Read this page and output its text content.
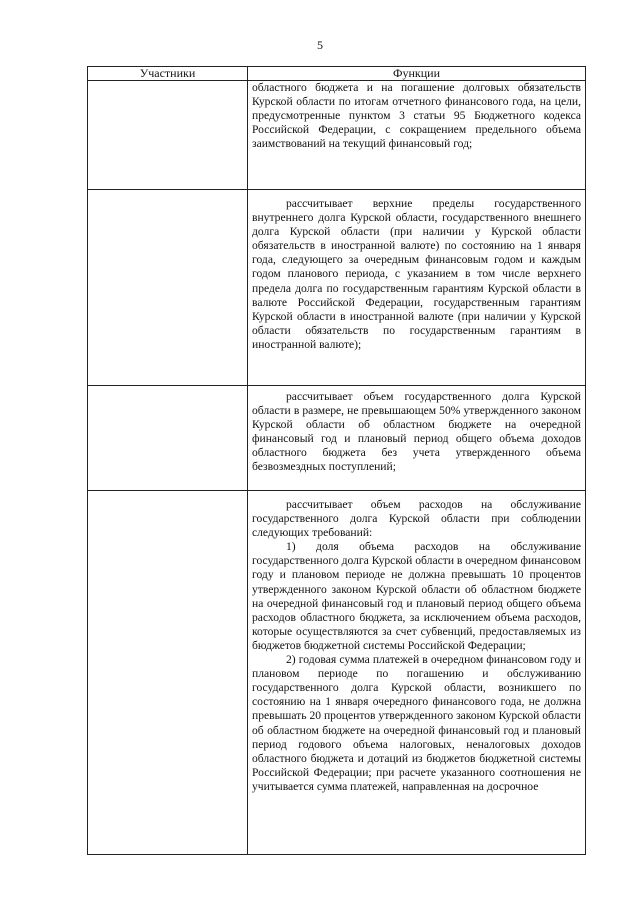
5
Участники	Функции

	областного бюджета и на погашение долговых обязательств Курской области по итогам отчетного финансового года, на цели, предусмотренные пунктом 3 статьи 95 Бюджетного кодекса Российской Федерации, с сокращением предельного объема заимствований на текущий финансовый год;

	рассчитывает верхние пределы государственного внутреннего долга Курской области, государственного внешнего долга Курской области (при наличии у Курской области обязательств в иностранной валюте) по состоянию на 1 января года, следующего за очередным финансовым годом и каждым годом планового периода, с указанием в том числе верхнего предела долга по государственным гарантиям Курской области в валюте Российской Федерации, государственным гарантиям Курской области в иностранной валюте (при наличии у Курской области обязательств по государственным гарантиям в иностранной валюте);

	рассчитывает объем государственного долга Курской области в размере, не превышающем 50% утвержденного законом Курской области об областном бюджете на очередной финансовый год и плановый период общего объема доходов областного бюджета без учета утвержденного объема безвозмездных поступлений;

	рассчитывает объем расходов на обслуживание государственного долга Курской области при соблюдении следующих требований:

1) доля объема расходов на обслуживание государственного долга Курской области в очередном финансовом году и плановом периоде не должна превышать 10 процентов утвержденного законом Курской области об областном бюджете на очередной финансовый год и плановый период общего объема расходов областного бюджета, за исключением объема расходов, которые осуществляются за счет субвенций, предоставляемых из бюджетов бюджетной системы Российской Федерации;

2) годовая сумма платежей в очередном финансовом году и плановом периоде по погашению и обслуживанию государственного долга Курской области, возникшего по состоянию на 1 января очередного финансового года, не должна превышать 20 процентов утвержденного законом Курской области об областном бюджете на очередной финансовый год и плановый период годового объема налоговых, неналоговых доходов областного бюджета и дотаций из бюджетов бюджетной системы Российской Федерации; при расчете указанного соотношения не учитывается сумма платежей, направленная на досрочное
